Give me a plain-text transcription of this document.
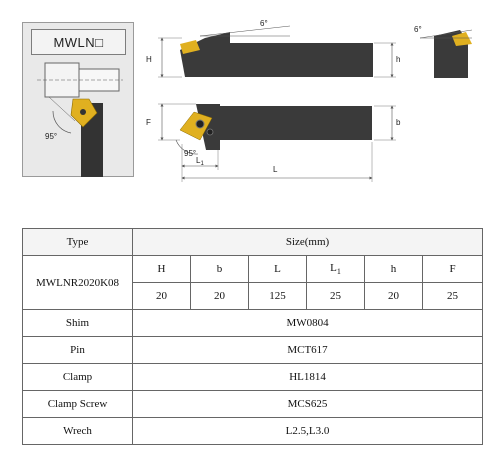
MWLN□
95°
6°
H	h
6°
95°
F	b
$L_1$
L
Type	Size(mm)					
MWLNR2020K08	H	b	L	$L_1$	h	F
	20	20	125	25	20	25
Shim	MW0804					
Pin	MCT617					
Clamp	HL1814					
Clamp Screw	MCS625					
Wrech	L2.5,L3.0					
